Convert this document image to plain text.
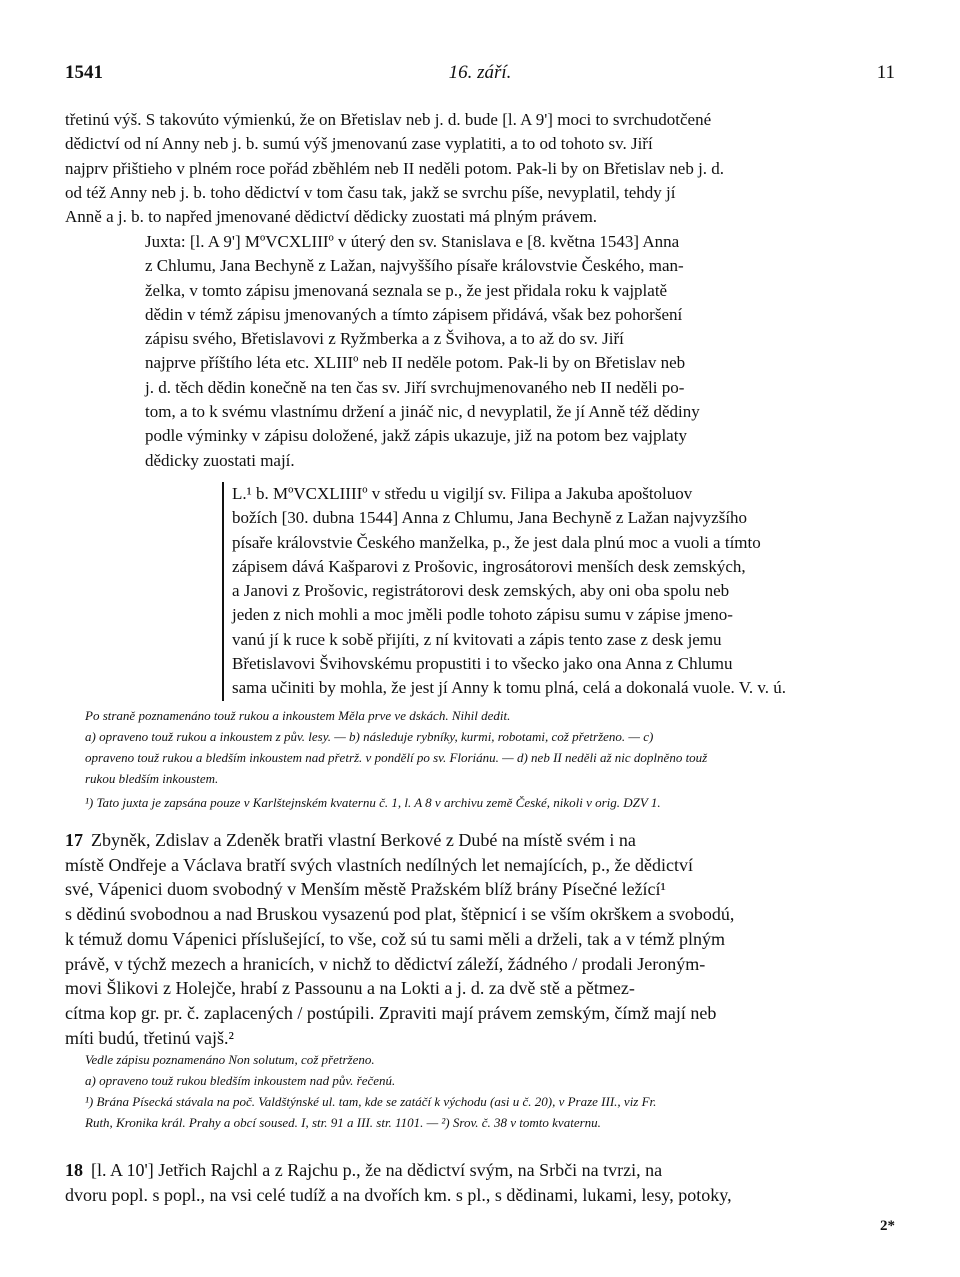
1541	16. září.	11
třetinú výš. S takovúto výmienkú, že on Břetislav neb j. d. bude [l. A 9'] moci to svrchudotčené
dědictví od ní Anny neb j. b. sumú výš jmenovanú zase vyplatiti, a to od tohoto sv. Jiří
najprv přištieho v plném roce pořád zběhlém neb II neděli potom. Pak-li by on Břetislav neb j. d.
od též Anny neb j. b. toho dědictví v tom času tak, jakž se svrchu píše, nevyplatil, tehdy jí
Anně a j. b. to napřed jmenované dědictví dědicky zuostati má plným právem.
Juxta: [l. A 9'] MºVCXLIIIº v úterý den sv. Stanislava e [8. května 1543] Anna
z Chlumu, Jana Bechyně z Lažan, najvyššího písaře královstvie Českého, man-
želka, v tomto zápisu jmenovaná seznala se p., že jest přidala roku k vajplatě
dědin v témž zápisu jmenovaných a tímto zápisem přidává, však bez pohoršení
zápisu svého, Břetislavovi z Ryžmberka a z Švihova, a to až do sv. Jiří
najprve příštího léta etc. XLIIIº neb II neděle potom. Pak-li by on Břetislav neb
j. d. těch dědin konečně na ten čas sv. Jiří svrchujmenovaného neb II neděli po-
tom, a to k svému vlastnímu držení a jináč nic, d nevyplatil, že jí Anně též dědiny
podle výminky v zápisu doložené, jakž zápis ukazuje, již na potom bez vajplaty
dědicky zuostati mají.
L.¹ b. MºVCXLIIIIº v středu u vigiljí sv. Filipa a Jakuba apoštoluov
božích [30. dubna 1544] Anna z Chlumu, Jana Bechyně z Lažan najvyzšího
písaře královstvie Českého manželka, p., že jest dala plnú moc a vuoli a tímto
zápisem dává Kašparovi z Prošovic, ingrosátorovi menších desk zemských,
a Janovi z Prošovic, registrátorovi desk zemských, aby oni oba spolu neb
jeden z nich mohli a moc jměli podle tohoto zápisu sumu v zápise jmeno-
vanú jí k ruce k sobě přijíti, z ní kvitovati a zápis tento zase z desk jemu
Břetislavovi Švihovskému propustiti i to všecko jako ona Anna z Chlumu
sama učiniti by mohla, že jest jí Anny k tomu plná, celá a dokonalá vuole. V. v. ú.
Po straně poznamenáno touž rukou a inkoustem Měla prve ve dskách. Nihil dedit.
a) opraveno touž rukou a inkoustem z pův. lesy. — b) následuje rybníky, kurmi, robotami, což přetrženo. — c)
opraveno touž rukou a bledším inkoustem nad přetrž. v pondělí po sv. Floriánu. — d) neb II neděli až nic doplněno touž
rukou bledším inkoustem.
¹) Tato juxta je zapsána pouze v Karlštejnském kvaternu č. 1, l. A 8 v archivu země České, nikoli v orig. DZV 1.
17 Zbyněk, Zdislav a Zdeněk bratři vlastní Berkové z Dubé na místě svém i na
místě Ondřeje a Václava bratří svých vlastních nedílných let nemajících, p., že dědictví
své, Vápenici duom svobodný v Menším městě Pražském blíž brány Písečné ležící¹
s dědinú svobodnou a nad Bruskou vysazenú pod plat, štěpnicí i se vším okrškem a svobodú,
k témuž domu Vápenici příslušející, to vše, což sú tu sami měli a drželi, tak a v témž plným
právě, v týchž mezech a hranicích, v nichž to dědictví záleží, žádného / prodali Jeroným-
movi Šlikovi z Holejče, hrabí z Passounu a na Lokti a j. d. za dvě stě a pětmez-
cítma kop gr. pr. č. zaplacených / postúpili. Zpraviti mají právem zemským, čímž mají neb
míti budú, třetinú vajš.²
Vedle zápisu poznamenáno Non solutum, což přetrženo.
a) opraveno touž rukou bledším inkoustem nad pův. řečenú.
¹) Brána Písecká stávala na poč. Valdštýnské ul. tam, kde se zatáčí k východu (asi u č. 20), v Praze III., viz Fr.
Ruth, Kronika král. Prahy a obcí soused. I, str. 91 a III. str. 1101. — ²) Srov. č. 38 v tomto kvaternu.
18 [l. A 10'] Jetřich Rajchl a z Rajchu p., že na dědictví svým, na Srbči na tvrzi, na
dvoru popl. s popl., na vsi celé tudíž a na dvořích km. s pl., s dědinami, lukami, lesy, potoky,
2*
